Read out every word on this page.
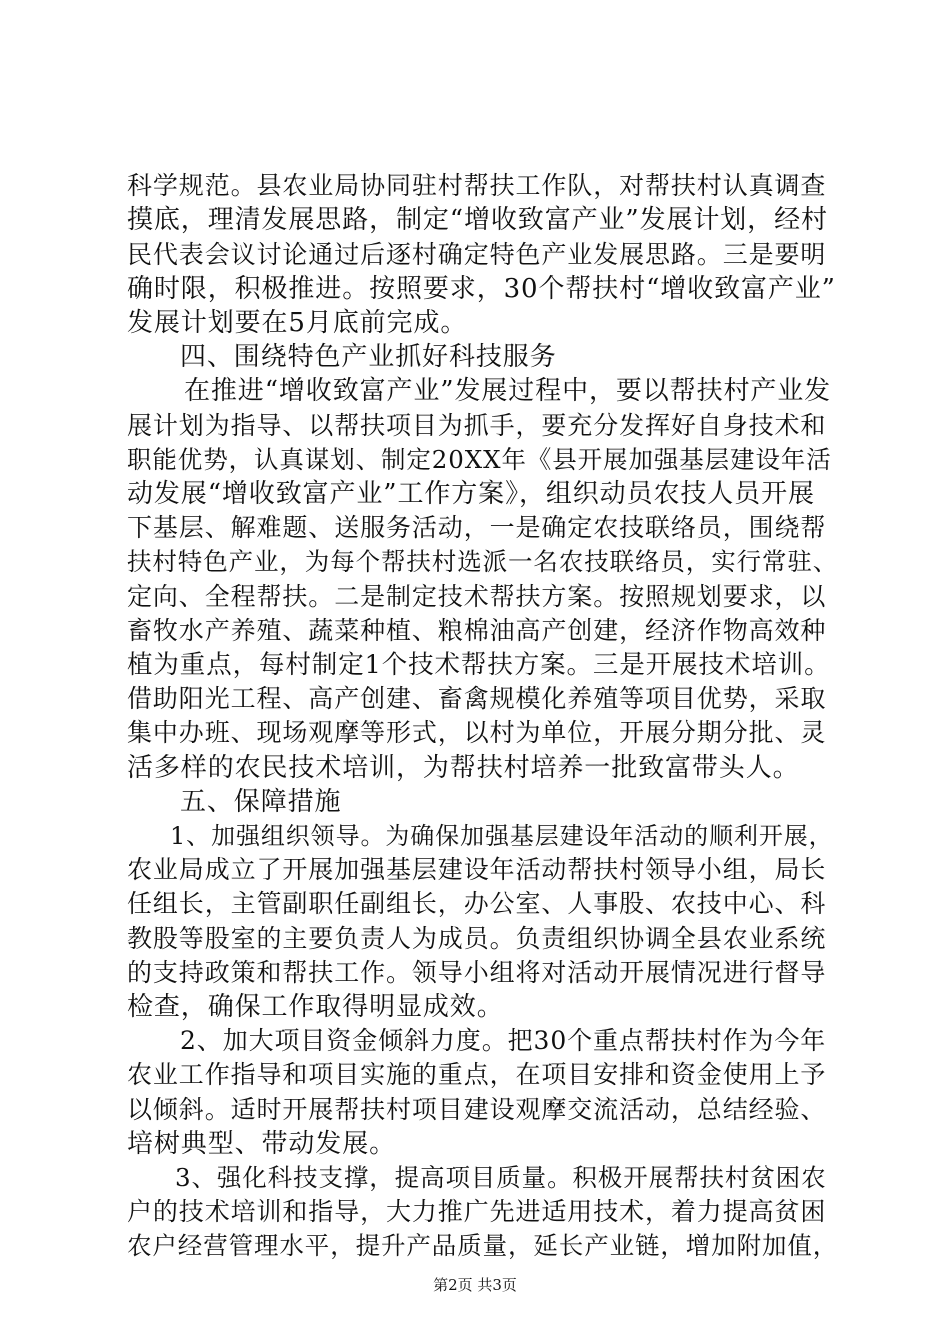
科学规范。县农业局协同驻村帮扶工作队，对帮扶村认真调查
摸底，理清发展思路，制定“增收致富产业”发展计划，经村
民代表会议讨论通过后逐村确定特色产业发展思路。三是要明
确时限，积极推进。按照要求，30个帮扶村“增收致富产业”
发展计划要在5月底前完成。
四、围绕特色产业抓好科技服务
在推进“增收致富产业”发展过程中，要以帮扶村产业发
展计划为指导、以帮扶项目为抓手，要充分发挥好自身技术和
职能优势，认真谋划、制定20XX年《县开展加强基层建设年活
动发展“增收致富产业”工作方案》，组织动员农技人员开展
下基层、解难题、送服务活动，一是确定农技联络员，围绕帮
扶村特色产业，为每个帮扶村选派一名农技联络员，实行常驻、
定向、全程帮扶。二是制定技术帮扶方案。按照规划要求，以
畜牧水产养殖、蔬菜种植、粮棉油高产创建，经济作物高效种
植为重点，每村制定1个技术帮扶方案。三是开展技术培训。
借助阳光工程、高产创建、畜禽规模化养殖等项目优势，采取
集中办班、现场观摩等形式，以村为单位，开展分期分批、灵
活多样的农民技术培训，为帮扶村培养一批致富带头人。
五、保障措施
1、加强组织领导。为确保加强基层建设年活动的顺利开展，
农业局成立了开展加强基层建设年活动帮扶村领导小组，局长
任组长，主管副职任副组长，办公室、人事股、农技中心、科
教股等股室的主要负责人为成员。负责组织协调全县农业系统
的支持政策和帮扶工作。领导小组将对活动开展情况进行督导
检查，确保工作取得明显成效。
2、加大项目资金倾斜力度。把30个重点帮扶村作为今年
农业工作指导和项目实施的重点，在项目安排和资金使用上予
以倾斜。适时开展帮扶村项目建设观摩交流活动，总结经验、
培树典型、带动发展。
3、强化科技支撑，提高项目质量。积极开展帮扶村贫困农
户的技术培训和指导，大力推广先进适用技术，着力提高贫困
农户经营管理水平，提升产品质量，延长产业链，增加附加值，
第2页 共3页
